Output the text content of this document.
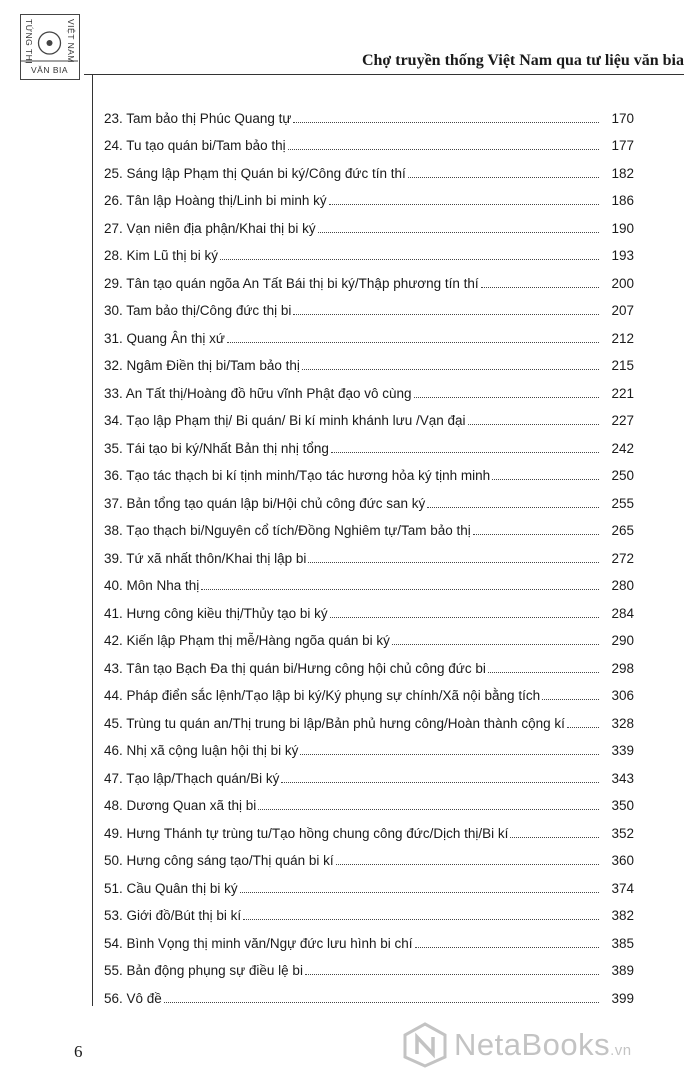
TỨNG THỊ
VĂN BIA
VIỆT NAM	Chợ truyền thống Việt Nam qua tư liệu văn bia
23. Tam bảo thị Phúc Quang tự	170
24. Tu tạo quán bi/Tam bảo thị	177
25. Sáng lập Phạm thị Quán bi ký/Công đức tín thí	182
26. Tân lập Hoàng thị/Linh bi minh ký	186
27. Vạn niên địa phận/Khai thị bi ký	190
28. Kim Lũ thị bi ký	193
29. Tân tạo quán ngõa An Tất Bái thị bi ký/Thập phương tín thí	200
30. Tam bảo thị/Công đức thị bi	207
31. Quang Ân thị xứ	212
32. Ngâm Điền thị bi/Tam bảo thị	215
33. An Tất thị/Hoàng đồ hữu vĩnh Phật đạo vô cùng	221
34. Tạo lập Phạm thị/ Bi quán/ Bi kí minh khánh lưu /Vạn đại	227
35. Tái tạo bi ký/Nhất Bản thị nhị tổng	242
36. Tạo tác thạch bi kí tịnh minh/Tạo tác hương hỏa ký tịnh minh	250
37. Bản tổng tạo quán lập bi/Hội chủ công đức san ký	255
38. Tạo thạch bi/Nguyên cổ tích/Đồng Nghiêm tự/Tam bảo thị	265
39. Tứ xã nhất thôn/Khai thị lập bi	272
40. Môn Nha thị	280
41. Hưng công kiều thị/Thủy tạo bi ký	284
42. Kiến lập Phạm thị mễ/Hàng ngõa quán bi ký	290
43. Tân tạo Bạch Đa thị quán bi/Hưng công hội chủ công đức bi	298
44. Pháp điển sắc lệnh/Tạo lập bi ký/Ký phụng sự chính/Xã nội bằng tích	306
45. Trùng tu quán an/Thị trung bi lập/Bản phủ hưng công/Hoàn thành cộng kí	328
46. Nhị xã cộng luận hội thị bi ký	339
47. Tạo lập/Thạch quán/Bi ký	343
48. Dương Quan xã thị bi	350
49. Hưng Thánh tự trùng tu/Tạo hồng chung công đức/Dịch thị/Bi kí	352
50. Hưng công sáng tạo/Thị quán bi kí	360
51. Cầu Quân thị bi ký	374
53. Giới đồ/Bút thị bi kí	382
54. Bình Vọng thị minh văn/Ngự đức lưu hình bi chí	385
55. Bản động phụng sự điều lệ bi	389
56. Vô đề	399
6	NetaBooks.vn
